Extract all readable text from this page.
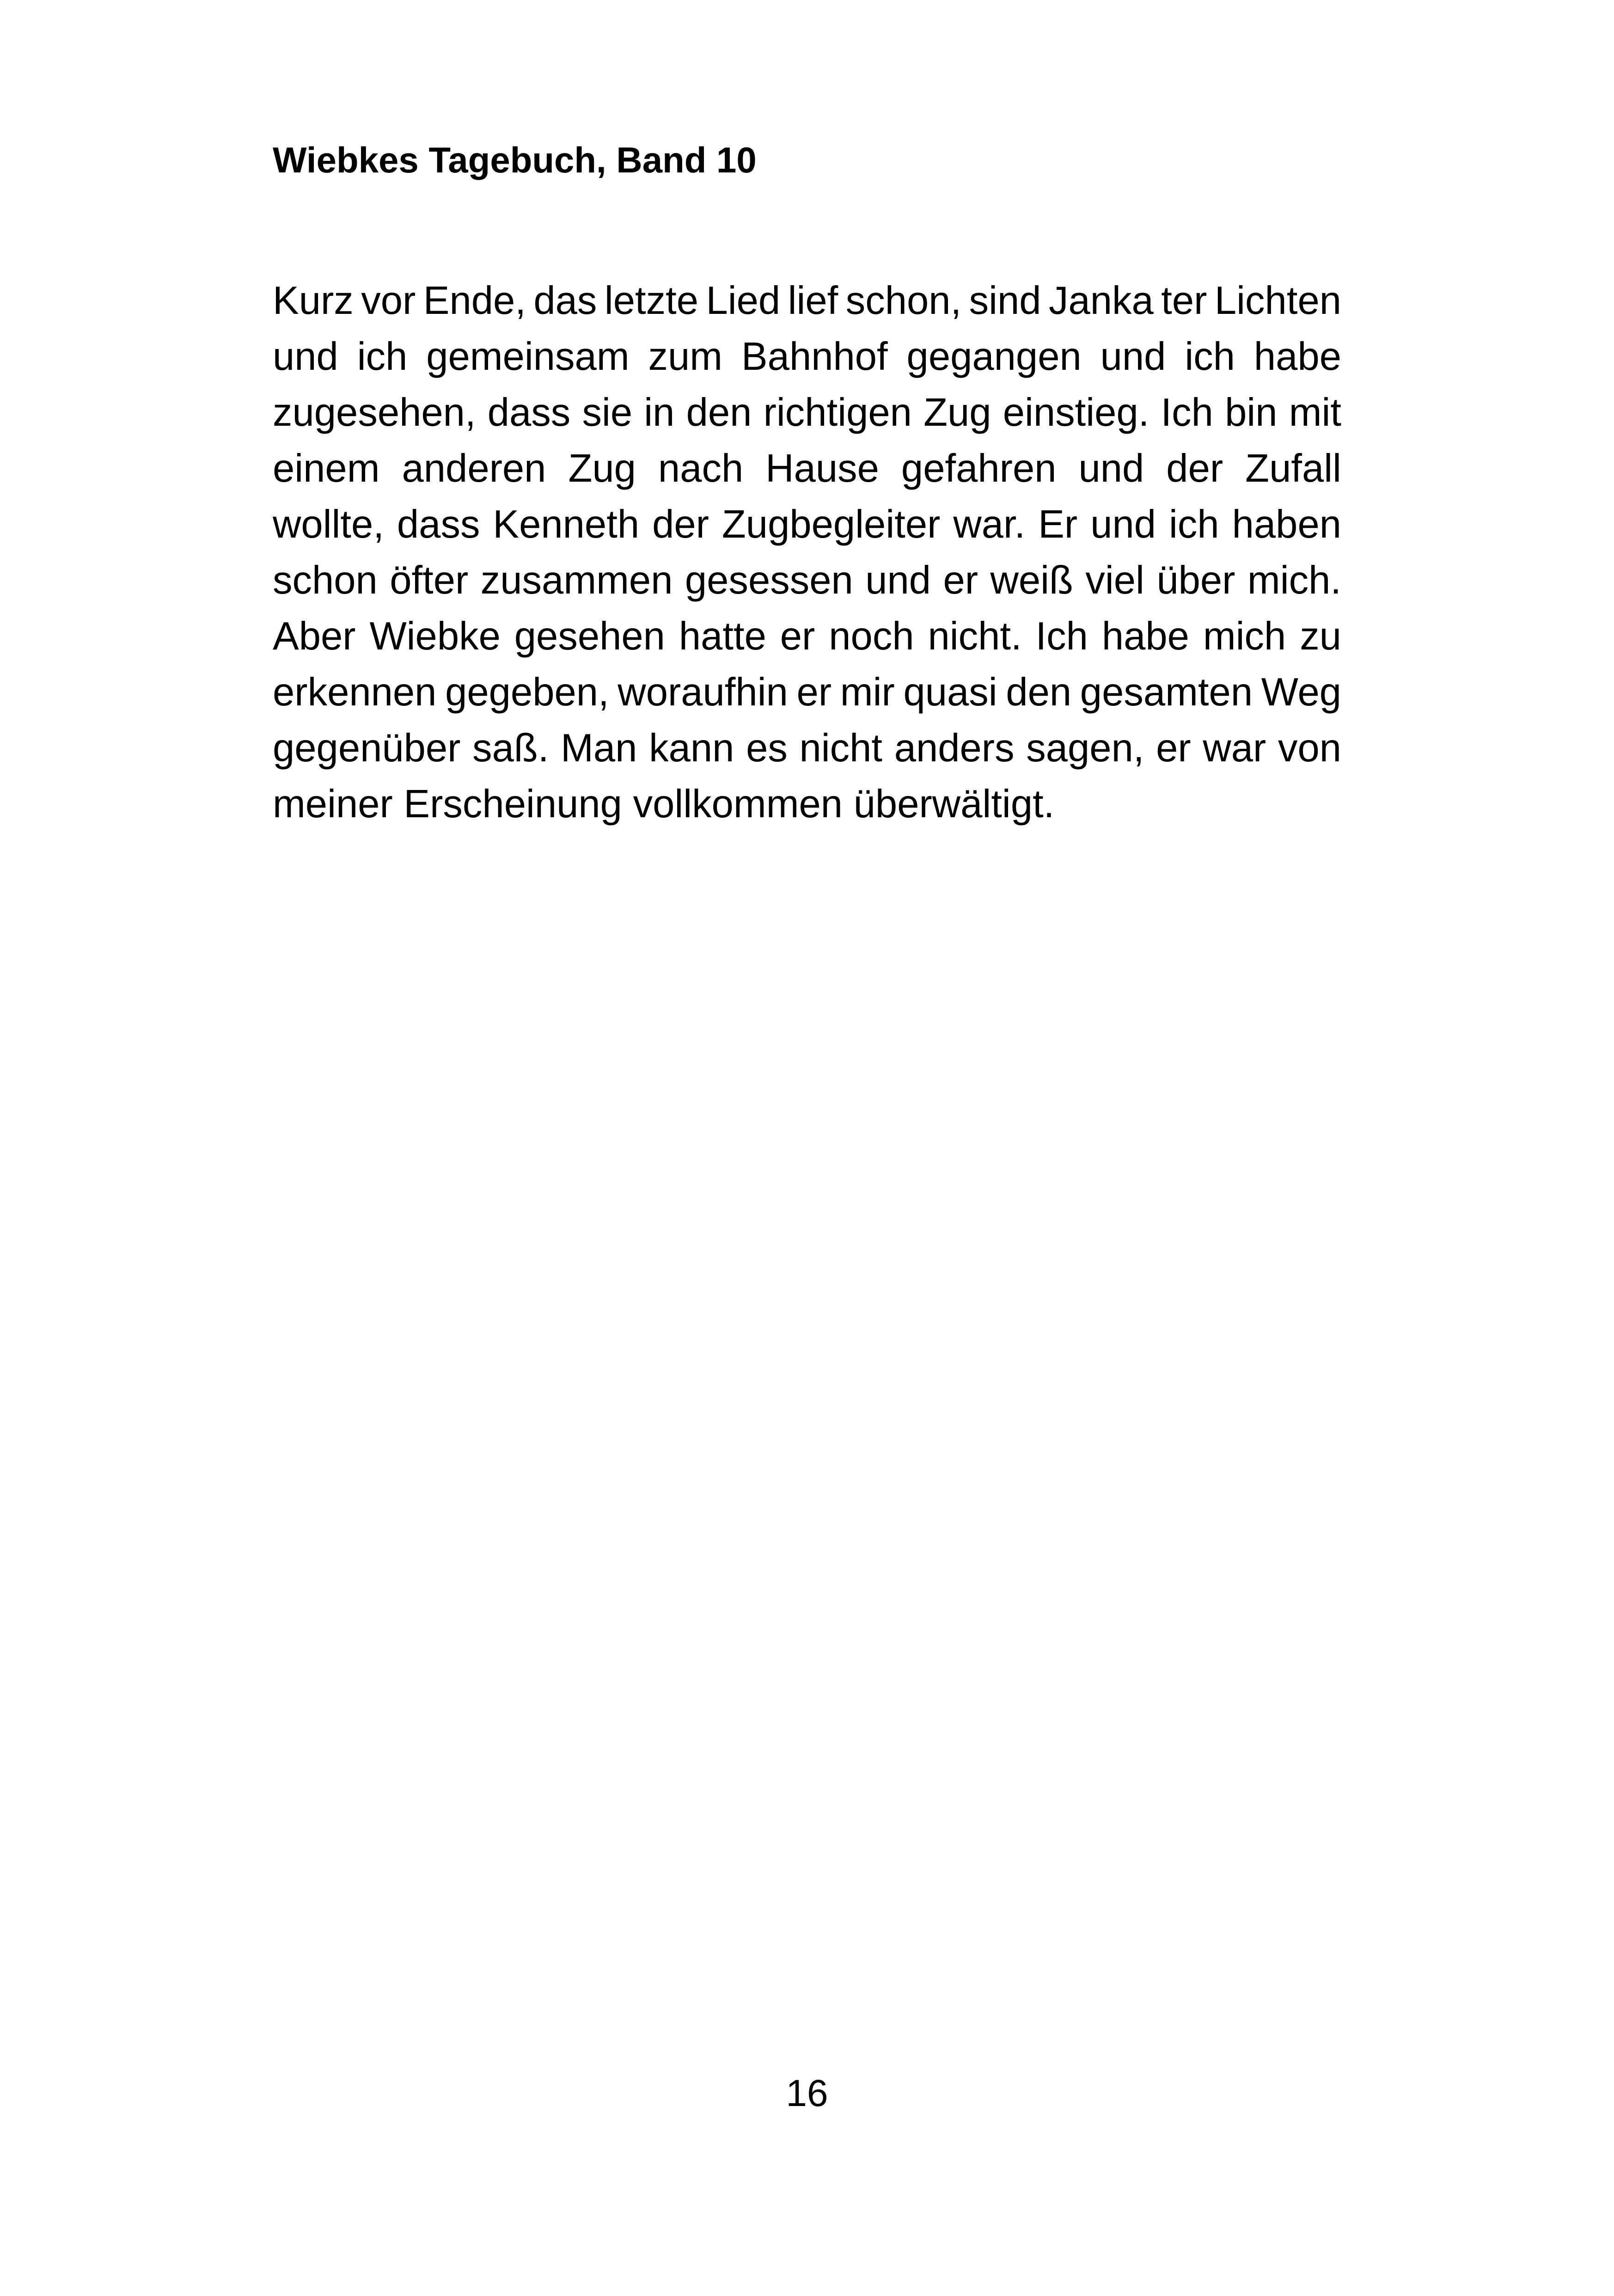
Wiebkes Tagebuch, Band 10
Kurz vor Ende, das letzte Lied lief schon, sind Janka ter Lichten
und ich gemeinsam zum Bahnhof gegangen und ich habe
zugesehen, dass sie in den richtigen Zug einstieg. Ich bin mit
einem anderen Zug nach Hause gefahren und der Zufall
wollte, dass Kenneth der Zugbegleiter war. Er und ich haben
schon öfter zusammen gesessen und er weiß viel über mich.
Aber Wiebke gesehen hatte er noch nicht. Ich habe mich zu
erkennen gegeben, woraufhin er mir quasi den gesamten Weg
gegenüber saß. Man kann es nicht anders sagen, er war von
meiner Erscheinung vollkommen überwältigt.
16
